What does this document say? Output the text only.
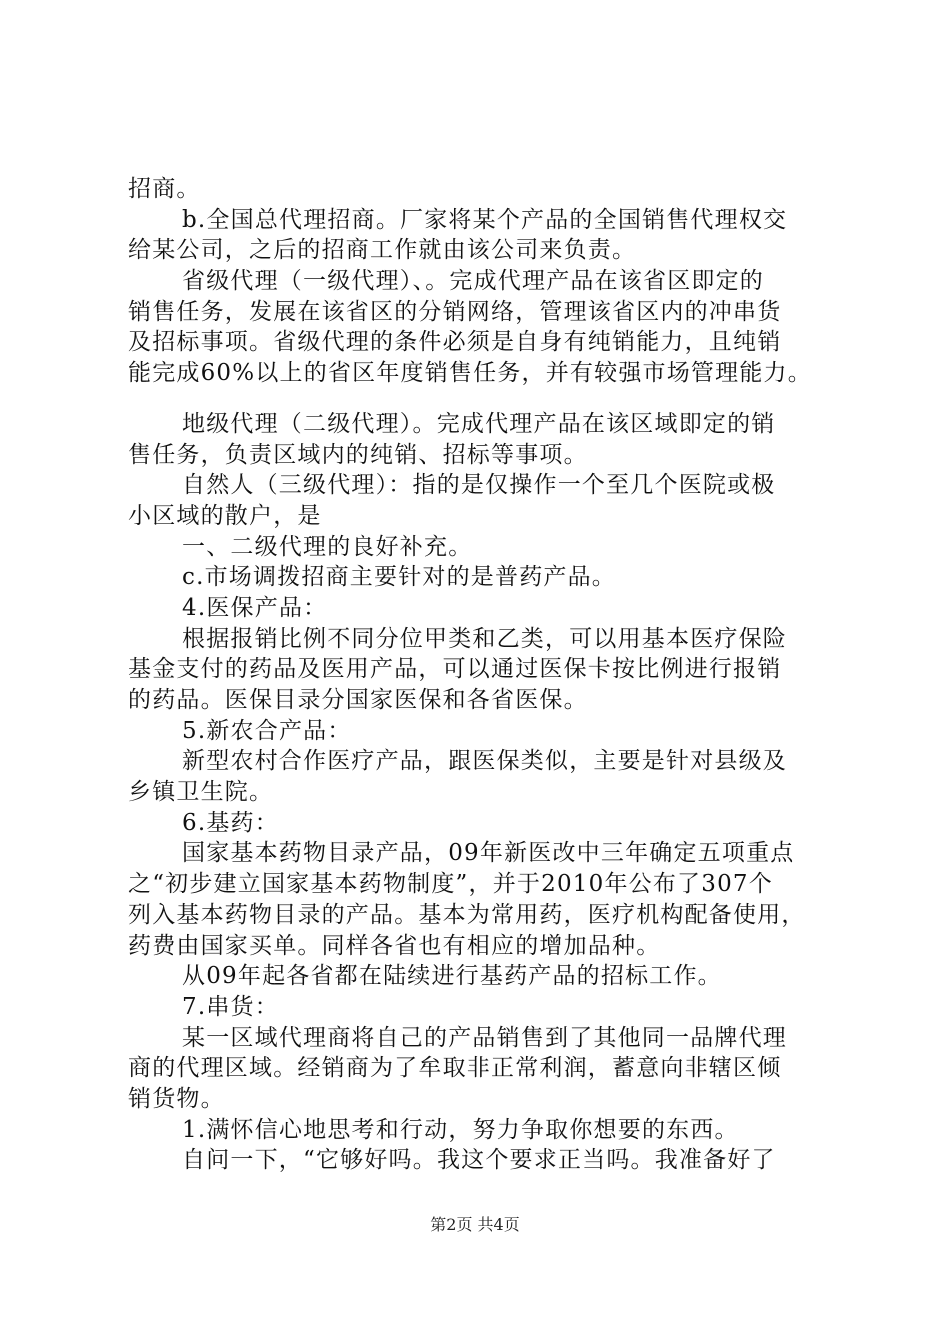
招商。
b.全国总代理招商。厂家将某个产品的全国销售代理权交
给某公司，之后的招商工作就由该公司来负责。
省级代理（一级代理）、。完成代理产品在该省区即定的
销售任务，发展在该省区的分销网络，管理该省区内的冲串货
及招标事项。省级代理的条件必须是自身有纯销能力，且纯销
能完成60%以上的省区年度销售任务，并有较强市场管理能力。
地级代理（二级代理）。完成代理产品在该区域即定的销
售任务，负责区域内的纯销、招标等事项。
自然人（三级代理）：指的是仅操作一个至几个医院或极
小区域的散户，是
一、二级代理的良好补充。
c.市场调拨招商主要针对的是普药产品。
4.医保产品：
根据报销比例不同分位甲类和乙类，可以用基本医疗保险
基金支付的药品及医用产品，可以通过医保卡按比例进行报销
的药品。医保目录分国家医保和各省医保。
5.新农合产品：
新型农村合作医疗产品，跟医保类似，主要是针对县级及
乡镇卫生院。
6.基药：
国家基本药物目录产品，09年新医改中三年确定五项重点
之“初步建立国家基本药物制度”，并于2010年公布了307个
列入基本药物目录的产品。基本为常用药，医疗机构配备使用，
药费由国家买单。同样各省也有相应的增加品种。
从09年起各省都在陆续进行基药产品的招标工作。
7.串货：
某一区域代理商将自己的产品销售到了其他同一品牌代理
商的代理区域。经销商为了牟取非正常利润，蓄意向非辖区倾
销货物。
1.满怀信心地思考和行动，努力争取你想要的东西。
自问一下，“它够好吗。我这个要求正当吗。我准备好了
第2页 共4页
